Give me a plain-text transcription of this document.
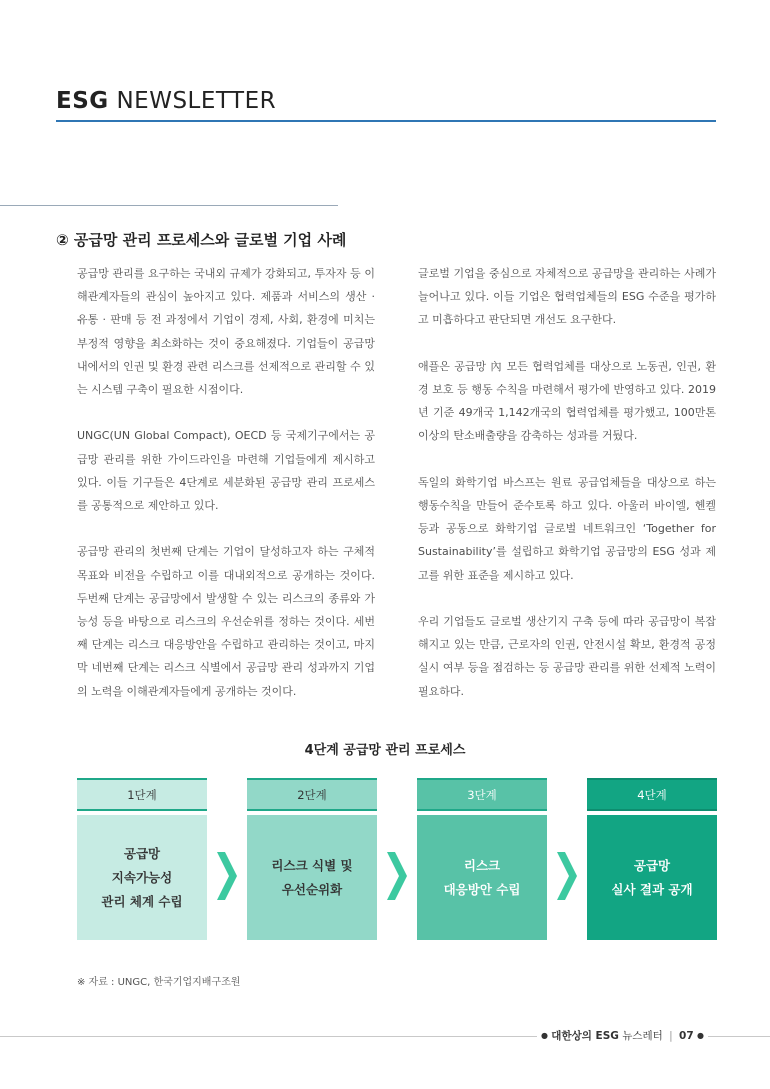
ESG NEWSLETTER
② 공급망 관리 프로세스와 글로벌 기업 사례

공급망 관리를 요구하는 국내외 규제가 강화되고, 투자자 등 이해관계자들의 관심이 높아지고 있다. 제품과 서비스의 생산 · 유통 · 판매 등 전 과정에서 기업이 경제, 사회, 환경에 미치는 부정적 영향을 최소화하는 것이 중요해졌다. 기업들이 공급망 내에서의 인권 및 환경 관련 리스크를 선제적으로 관리할 수 있는 시스템 구축이 필요한 시점이다.

UNGC(UN Global Compact), OECD 등 국제기구에서는 공급망 관리를 위한 가이드라인을 마련해 기업들에게 제시하고 있다. 이들 기구들은 4단계로 세분화된 공급망 관리 프로세스를 공통적으로 제안하고 있다.

공급망 관리의 첫번째 단계는 기업이 달성하고자 하는 구체적 목표와 비전을 수립하고 이를 대내외적으로 공개하는 것이다. 두번째 단계는 공급망에서 발생할 수 있는 리스크의 종류와 가능성 등을 바탕으로 리스크의 우선순위를 정하는 것이다. 세번째 단계는 리스크 대응방안을 수립하고 관리하는 것이고, 마지막 네번째 단계는 리스크 식별에서 공급망 관리 성과까지 기업의 노력을 이해관계자들에게 공개하는 것이다.

글로벌 기업을 중심으로 자체적으로 공급망을 관리하는 사례가 늘어나고 있다. 이들 기업은 협력업체들의 ESG 수준을 평가하고 미흡하다고 판단되면 개선도 요구한다.

애플은 공급망 內 모든 협력업체를 대상으로 노동권, 인권, 환경 보호 등 행동 수칙을 마련해서 평가에 반영하고 있다. 2019년 기준 49개국 1,142개국의 협력업체를 평가했고, 100만톤 이상의 탄소배출량을 감축하는 성과를 거뒀다.

독일의 화학기업 바스프는 원료 공급업체들을 대상으로 하는 행동수칙을 만들어 준수토록 하고 있다. 아울러 바이엘, 헨켈 등과 공동으로 화학기업 글로벌 네트워크인 ‘Together for Sustainability’를 설립하고 화학기업 공급망의 ESG 성과 제고를 위한 표준을 제시하고 있다.

우리 기업들도 글로벌 생산기지 구축 등에 따라 공급망이 복잡해지고 있는 만큼, 근로자의 인권, 안전시설 확보, 환경적 공정 실시 여부 등을 점검하는 등 공급망 관리를 위한 선제적 노력이 필요하다.

4단계 공급망 관리 프로세스
1단계
공급망
지속가능성
관리 체계 수립
2단계
리스크 식별 및
우선순위화
3단계
리스크
대응방안 수립
4단계
공급망
실사 결과 공개
※ 자료 : UNGC, 한국기업지배구조원
● 대한상의 ESG 뉴스레터 | 07 ●
